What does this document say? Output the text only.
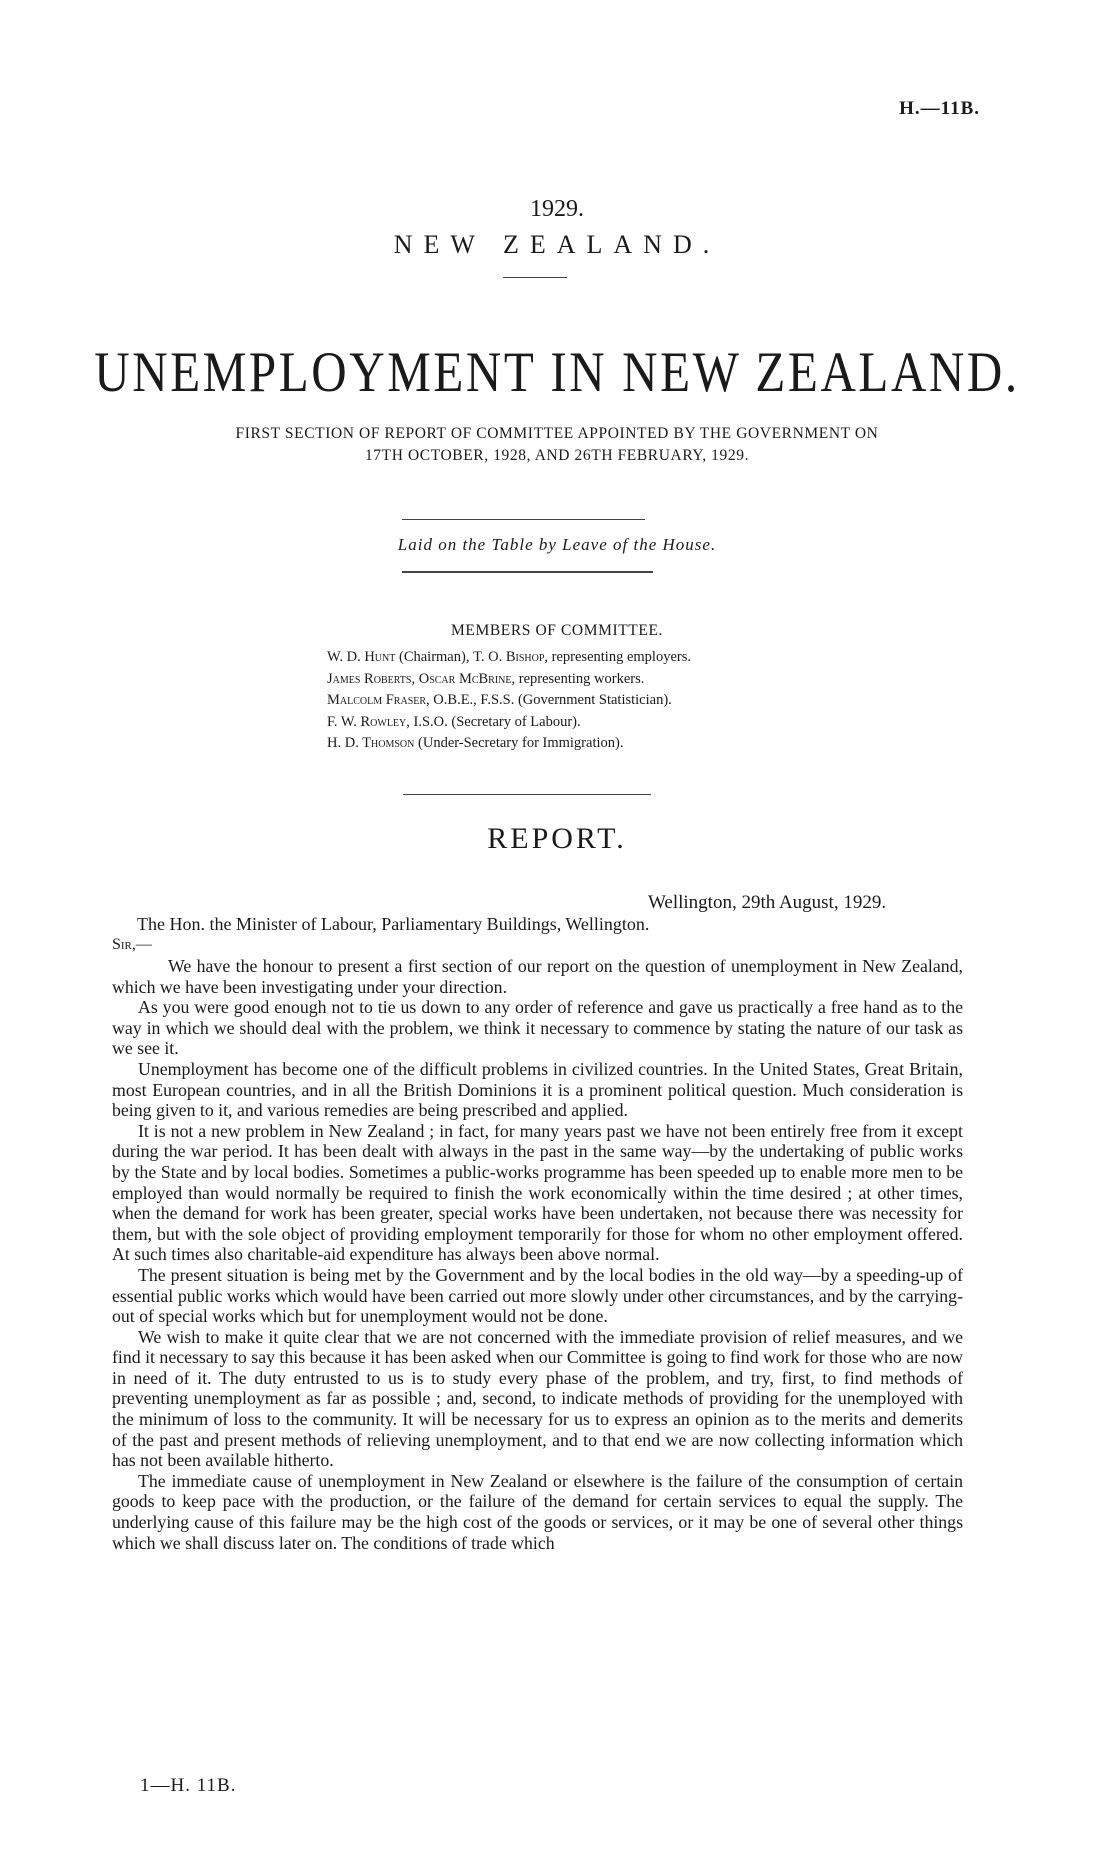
H.—11B.
1929.
NEW ZEALAND.
UNEMPLOYMENT IN NEW ZEALAND.
FIRST SECTION OF REPORT OF COMMITTEE APPOINTED BY THE GOVERNMENT ON
17TH OCTOBER, 1928, AND 26TH FEBRUARY, 1929.
Laid on the Table by Leave of the House.
MEMBERS OF COMMITTEE.
W. D. Hunt (Chairman), T. O. Bishop, representing employers.
James Roberts, Oscar McBrine, representing workers.
Malcolm Fraser, O.B.E., F.S.S. (Government Statistician).
F. W. Rowley, I.S.O. (Secretary of Labour).
H. D. Thomson (Under-Secretary for Immigration).
REPORT.
Wellington, 29th August, 1929.
The Hon. the Minister of Labour, Parliamentary Buildings, Wellington.
Sir,—

We have the honour to present a first section of our report on the question of unemployment in New Zealand, which we have been investigating under your direction.

As you were good enough not to tie us down to any order of reference and gave us practically a free hand as to the way in which we should deal with the problem, we think it necessary to commence by stating the nature of our task as we see it.

Unemployment has become one of the difficult problems in civilized countries. In the United States, Great Britain, most European countries, and in all the British Dominions it is a prominent political question. Much consideration is being given to it, and various remedies are being prescribed and applied.

It is not a new problem in New Zealand ; in fact, for many years past we have not been entirely free from it except during the war period. It has been dealt with always in the past in the same way—by the undertaking of public works by the State and by local bodies. Sometimes a public-works programme has been speeded up to enable more men to be employed than would normally be required to finish the work economically within the time desired ; at other times, when the demand for work has been greater, special works have been undertaken, not because there was necessity for them, but with the sole object of providing employment temporarily for those for whom no other employment offered. At such times also charitable-aid expenditure has always been above normal.

The present situation is being met by the Government and by the local bodies in the old way—by a speeding-up of essential public works which would have been carried out more slowly under other circumstances, and by the carrying-out of special works which but for unemployment would not be done.

We wish to make it quite clear that we are not concerned with the immediate provision of relief measures, and we find it necessary to say this because it has been asked when our Committee is going to find work for those who are now in need of it. The duty entrusted to us is to study every phase of the problem, and try, first, to find methods of preventing unemployment as far as possible ; and, second, to indicate methods of providing for the unemployed with the minimum of loss to the community. It will be necessary for us to express an opinion as to the merits and demerits of the past and present methods of relieving unemployment, and to that end we are now collecting information which has not been available hitherto.

The immediate cause of unemployment in New Zealand or elsewhere is the failure of the consumption of certain goods to keep pace with the production, or the failure of the demand for certain services to equal the supply. The underlying cause of this failure may be the high cost of the goods or services, or it may be one of several other things which we shall discuss later on. The conditions of trade which

1—H. 11B.
